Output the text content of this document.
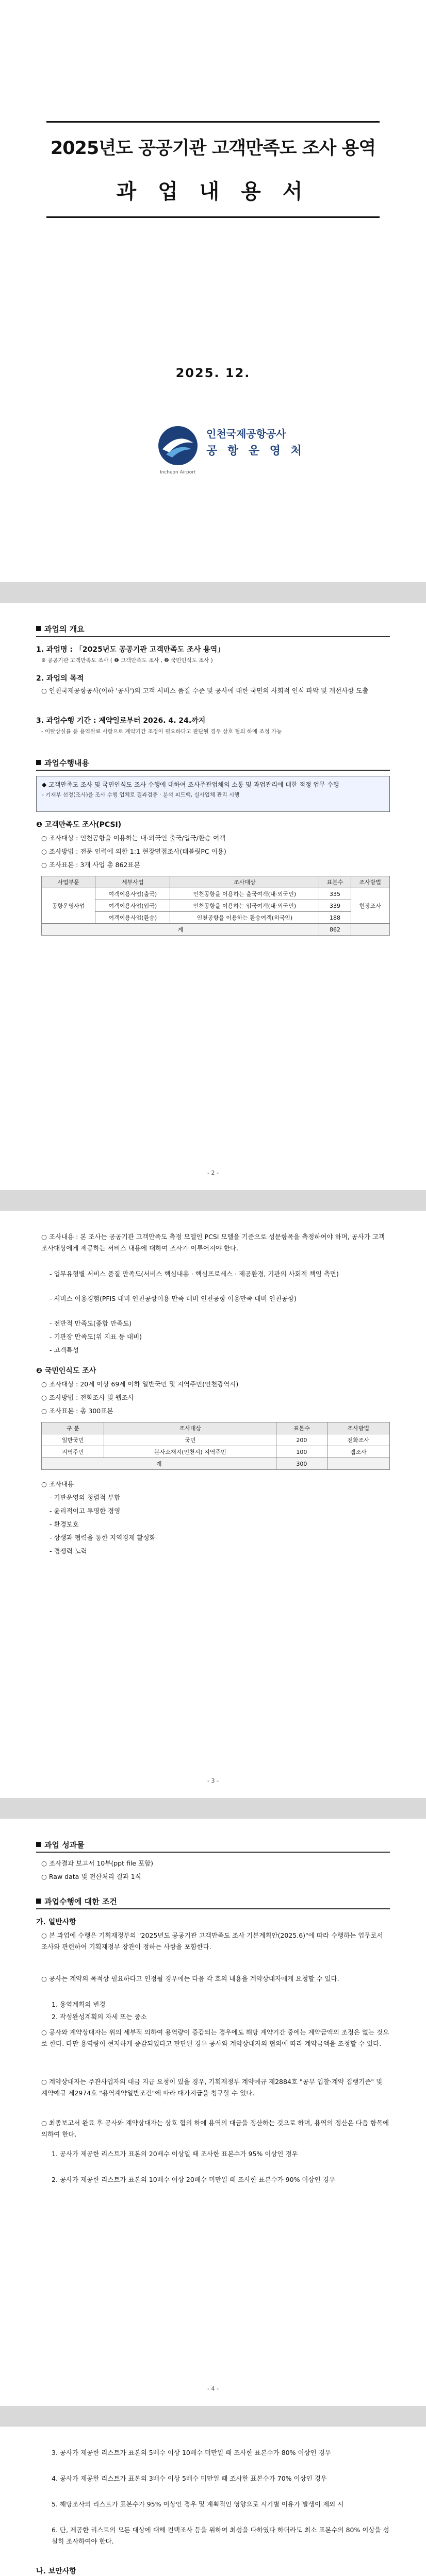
2025년도 공공기관 고객만족도 조사 용역
과 업 내 용 서
2025. 12.
인천국제공항공사
공 항 운 영 처
Incheon Airport
과업의 개요
1. 과업명 : 「2025년도 공공기관 고객만족도 조사 용역」
※ 공공기관 고객만족도 조사 ( ❶ 고객만족도 조사 , ❷ 국민인식도 조사 )
2. 과업의 목적
○ 인천국제공항공사(이하 '공사')의 고객 서비스 품질 수준 및 공사에 대한 국민의 사회적 인식 파악 및 개선사항 도출
3. 과업수행 기간 : 계약일로부터 2026. 4. 24.까지
- 이탈상실률 등 용역완료 사항으로 계약기간 조정이 필요하다고 판단될 경우 상호 협의 하에 조정 가능
과업수행내용
◆ 고객만족도 조사 및 국민인식도 조사 수행에 대하여 조사주관업체의 소통 및 과업관리에 대한 적정 업무 수행
- 기재부 선정(조사)을 조사 수행 업체로 결과검증 · 분석 피드백, 실사업체 관리 시행
❶ 고객만족도 조사(PCSI)
○ 조사대상 : 인천공항을 이용하는 내·외국인 출국/입국/환승 여객
○ 조사방법 : 전문 인력에 의한 1:1 현장면접조사(태블릿PC 이용)
○ 조사표본 : 3개 사업 총 862표본
사업부문	세부사업	조사대상	표본수	조사방법
공항운영사업	여객이용사업(출국)	인천공항을 이용하는 출국여객(내·외국인)	335	현장조사
	여객이용사업(입국)	인천공항을 이용하는 입국여객(내·외국인)	339	
	여객이용사업(환승)	인천공항을 이용하는 환승여객(외국인)	188	
계			862	
- 2 -
○ 조사내용 : 본 조사는 공공기관 고객만족도 측정 모델인 PCSI 모델을 기준으로 성문항목을 측정하여야 하며, 공사가 고객조사대상에게 제공하는 서비스 내용에 대하여 조사가 이루어져야 한다.
- 업무유형별 서비스 품질 만족도(서비스 핵심내용 · 핵심프로세스 · 제공환경, 기관의 사회적 책임 측면)
- 서비스 이용경험(PFIS 대비 인천공항이용 만족 대비 인천공항 이용만족 대비 인천공항)
- 전반적 만족도(종합 만족도)
- 기관장 만족도(위 지표 등 대비)
- 고객특성
❷ 국민인식도 조사
○ 조사대상 : 20세 이상 69세 이하 일반국민 및 지역주민(인천광역시)
○ 조사방법 : 전화조사 및 웹조사
○ 조사표본 : 총 300표본
구 분	조사대상	표본수	조사방법
일반국민	국민	200	전화조사
지역주민	본사소재지(인천시) 지역주민	100	웹조사
계		300	
○ 조사내용
- 기관운영의 청렴적 부합
- 윤리적이고 투명한 경영
- 환경보호
- 상생과 협력을 통한 지역경제 활성화
- 경쟁력 노력
- 3 -
과업 성과물
○ 조사결과 보고서 10부(ppt file 포함)
○ Raw data 및 전산처리 결과 1식
과업수행에 대한 조건
가. 일반사항
○ 본 과업에 수행은 기획재정부의 "2025년도 공공기관 고객만족도 조사 기본계획안(2025.6)"에 따라 수행하는 업무로서 조사와 관련하여 기획재정부 장관이 정하는 사항을 포함한다.
○ 공사는 계약의 목적상 필요하다고 인정될 경우에는 다음 각 호의 내용을 계약상대자에게 요청할 수 있다.
1. 용역계획의 변경
2. 작성완성계획의 자세 또는 중소
○ 공사와 계약상대자는 위의 세부적 의하여 용역량이 증감되는 경우에도 해당 계약기간 중에는 계약금액의 조정은 없는 것으로 한다. 다만 용역량이 현저하게 증감되었다고 판단된 경우 공사와 계약상대자의 협의에 따라 계약금액을 조정할 수 있다.
○ 계약상대자는 주관사업자의 대금 지급 요청이 있을 경우, 기획재정부 계약예규 제2884호 "공무 입찰·계약 집행기준" 및 계약예규 제2974호 "용역계약일반조건"에 따라 대가지급을 청구할 수 있다.
○ 최종보고서 완료 후 공사와 계약상대자는 상호 협의 하에 용역의 대금을 정산하는 것으로 하며, 용역의 정산은 다음 항목에 의하여 한다.
1. 공사가 제공한 리스트가 표본의 20배수 이상일 때 조사한 표본수가 95% 이상인 경우
2. 공사가 제공한 리스트가 표본의 10배수 이상 20배수 미만일 때 조사한 표본수가 90% 이상인 경우
- 4 -
3. 공사가 제공한 리스트가 표본의 5배수 이상 10배수 미만일 때 조사한 표본수가 80% 이상인 경우
4. 공사가 제공한 리스트가 표본의 3배수 이상 5배수 미만일 때 조사한 표본수가 70% 이상인 경우
5. 해당조사의 리스트가 표본수가 95% 이상인 경우 및 계획적인 영향으로 시기별 이유가 발생이 제외 시
6. 단, 제공한 리스트의 모든 대상에 대해 컨택조사 등을 위하여 최성을 다하였다 하더라도 최소 표본수의 80% 이상을 성실히 조사하여야 한다.
나. 보안사항
